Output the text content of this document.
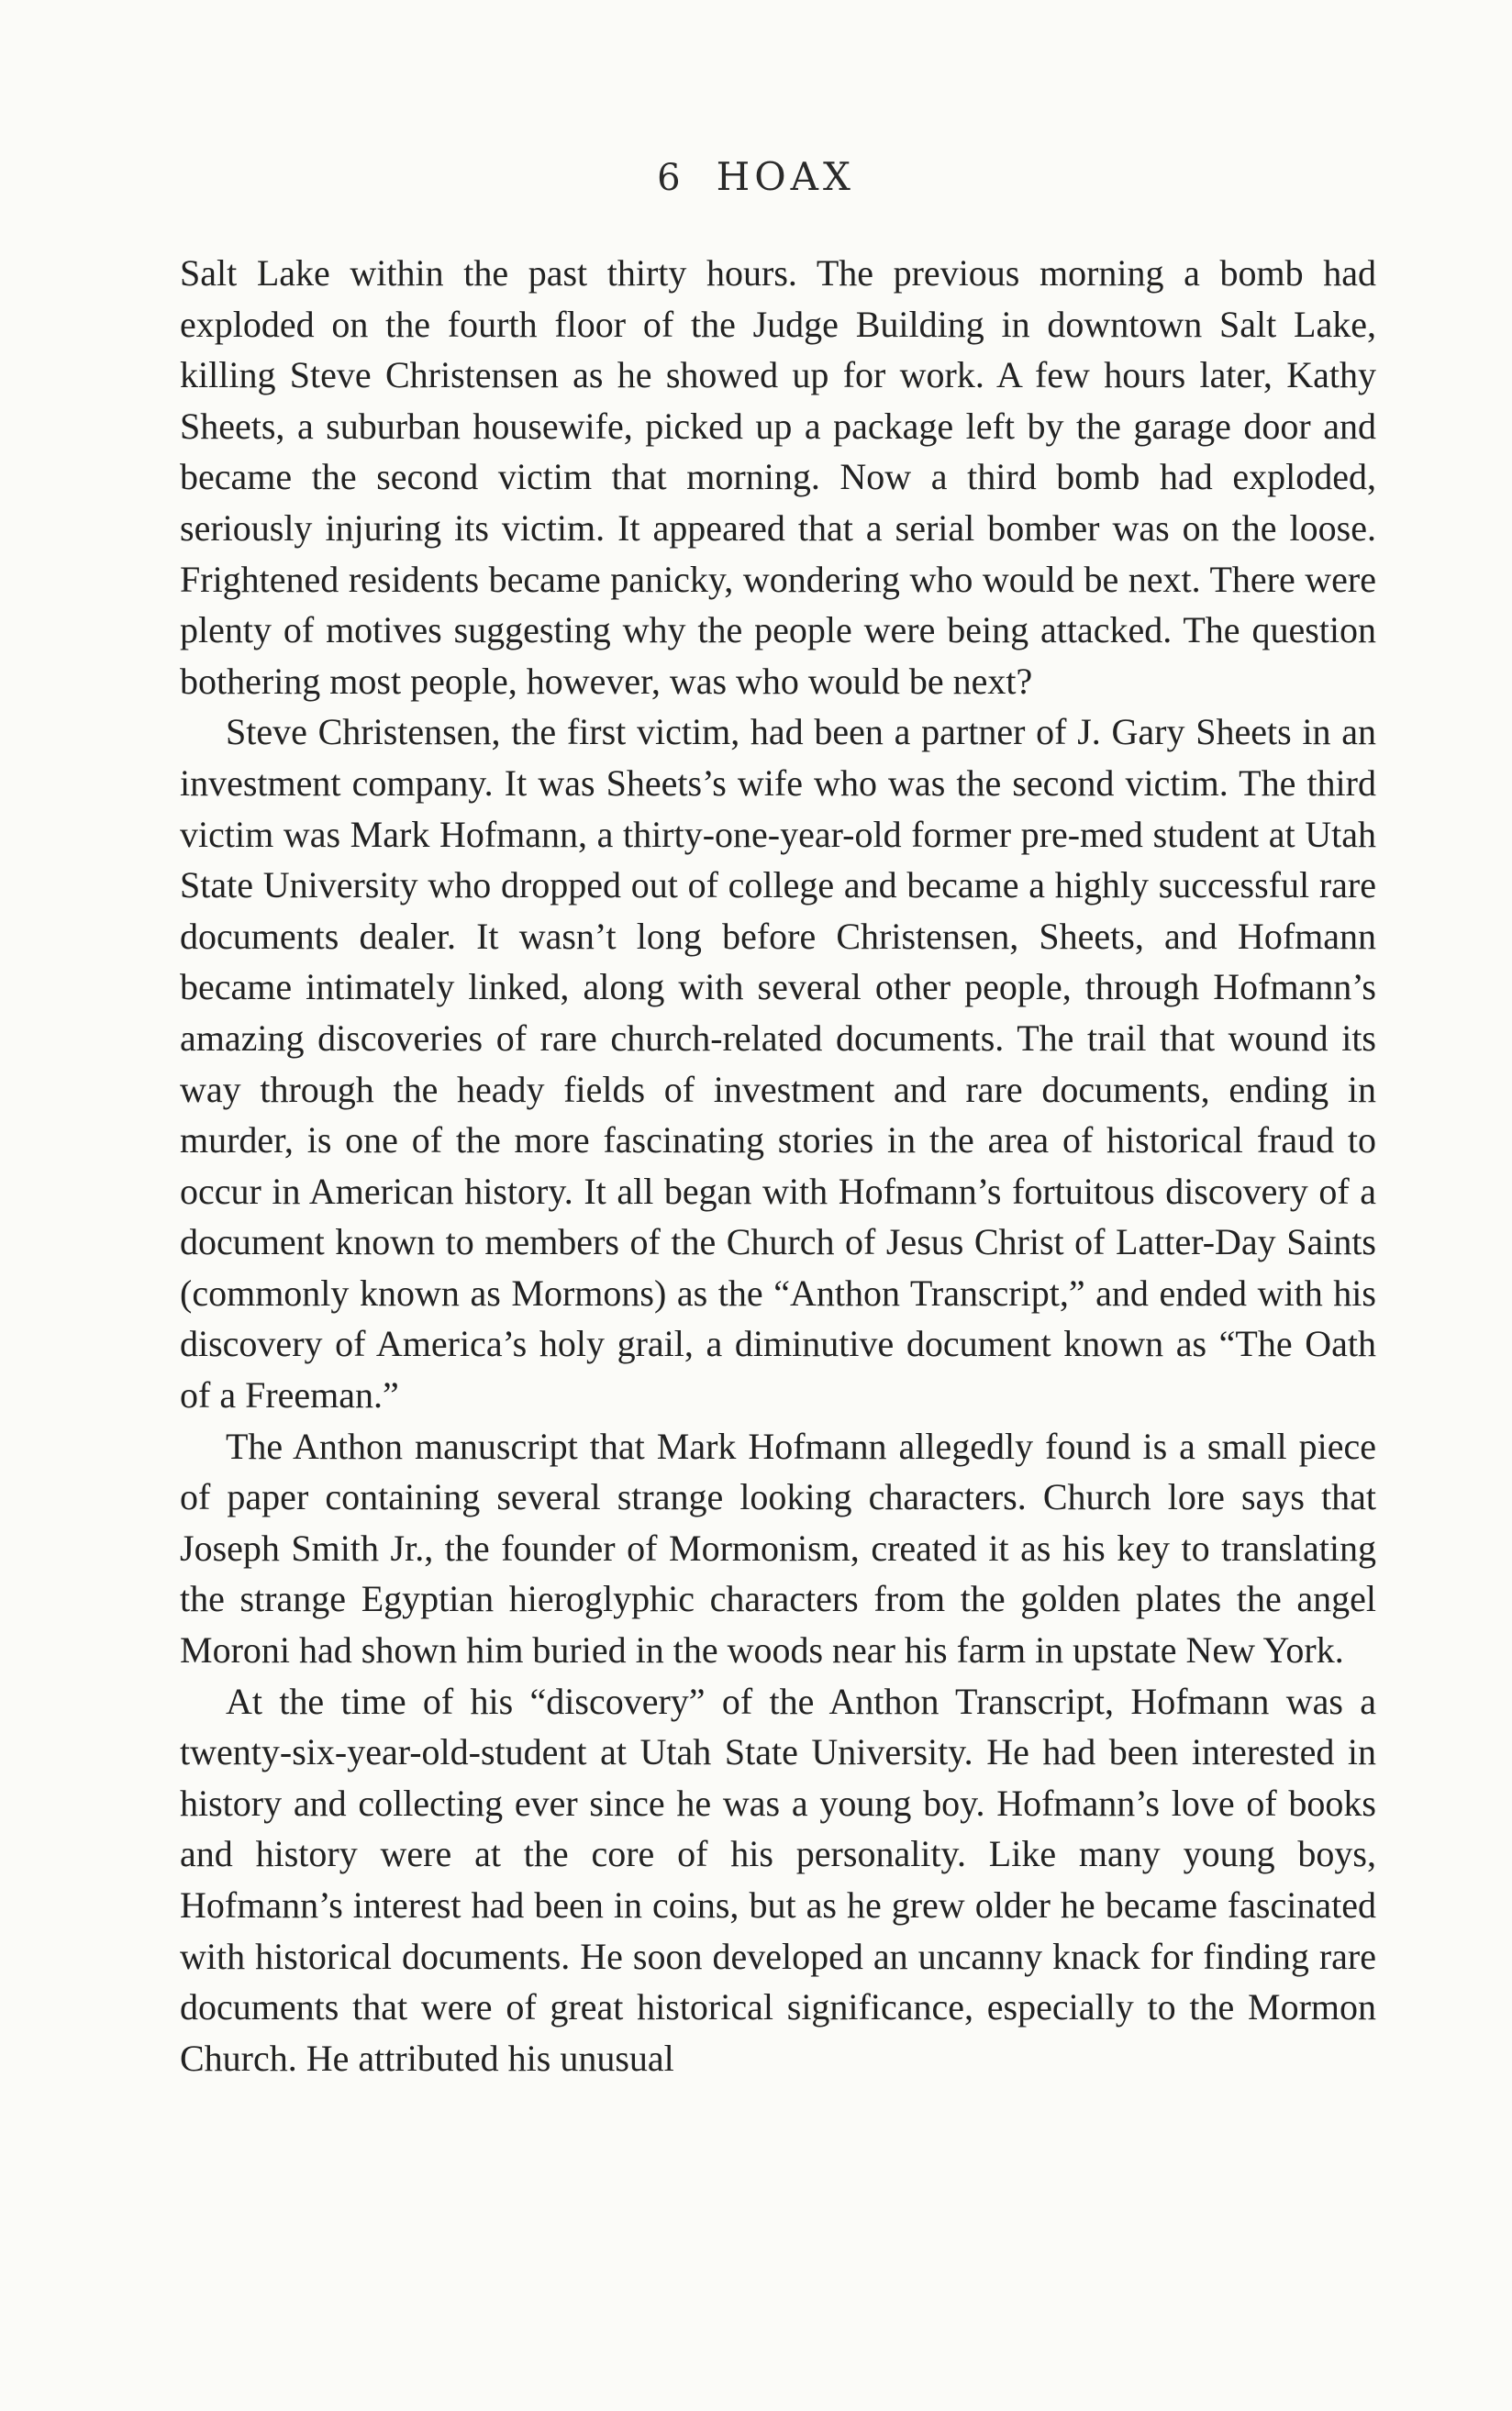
6 HOAX

Salt Lake within the past thirty hours. The previous morning a bomb had exploded on the fourth floor of the Judge Building in downtown Salt Lake, killing Steve Christensen as he showed up for work. A few hours later, Kathy Sheets, a suburban housewife, picked up a package left by the garage door and became the second victim that morning. Now a third bomb had exploded, seriously injuring its victim. It appeared that a serial bomber was on the loose. Frightened residents became panicky, wondering who would be next. There were plenty of motives suggesting why the people were being attacked. The question bothering most people, however, was who would be next?

Steve Christensen, the first victim, had been a partner of J. Gary Sheets in an investment company. It was Sheets’s wife who was the second victim. The third victim was Mark Hofmann, a thirty-one-year-old former pre-med student at Utah State University who dropped out of college and became a highly successful rare documents dealer. It wasn’t long before Christensen, Sheets, and Hofmann became intimately linked, along with several other people, through Hofmann’s amazing discoveries of rare church-related documents. The trail that wound its way through the heady fields of investment and rare documents, ending in murder, is one of the more fascinating stories in the area of historical fraud to occur in American history. It all began with Hofmann’s fortuitous discovery of a document known to members of the Church of Jesus Christ of Latter-Day Saints (commonly known as Mormons) as the “Anthon Transcript,” and ended with his discovery of America’s holy grail, a diminutive document known as “The Oath of a Freeman.”

The Anthon manuscript that Mark Hofmann allegedly found is a small piece of paper containing several strange looking characters. Church lore says that Joseph Smith Jr., the founder of Mormonism, created it as his key to translating the strange Egyptian hieroglyphic characters from the golden plates the angel Moroni had shown him buried in the woods near his farm in upstate New York.

At the time of his “discovery” of the Anthon Transcript, Hofmann was a twenty-six-year-old-student at Utah State University. He had been interested in history and collecting ever since he was a young boy. Hofmann’s love of books and history were at the core of his personality. Like many young boys, Hofmann’s interest had been in coins, but as he grew older he became fascinated with historical documents. He soon developed an uncanny knack for finding rare documents that were of great historical significance, especially to the Mormon Church. He attributed his unusual
